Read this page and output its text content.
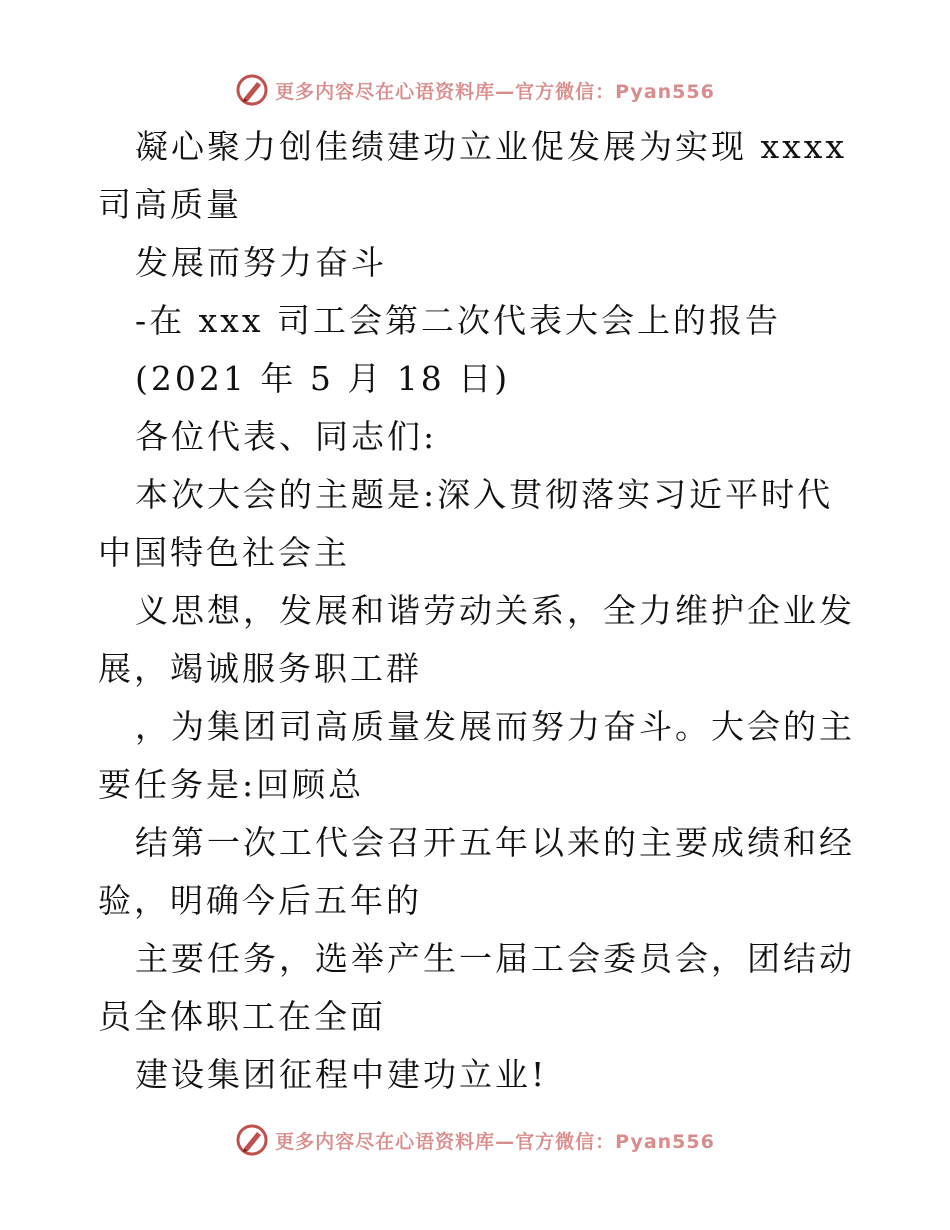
更多内容尽在心语资料库—官方微信：Pyan556

凝心聚力创佳绩建功立业促发展为实现 xxxx 司高质量

发展而努力奋斗

-在 xxx 司工会第二次代表大会上的报告

(2021 年 5 月 18 日)

各位代表、同志们:

本次大会的主题是:深入贯彻落实习近平时代中国特色社会主

义思想，发展和谐劳动关系，全力维护企业发展，竭诚服务职工群

，为集团司高质量发展而努力奋斗。大会的主要任务是:回顾总

结第一次工代会召开五年以来的主要成绩和经验，明确今后五年的

主要任务，选举产生一届工会委员会，团结动员全体职工在全面

建设集团征程中建功立业!

更多内容尽在心语资料库—官方微信：Pyan556
